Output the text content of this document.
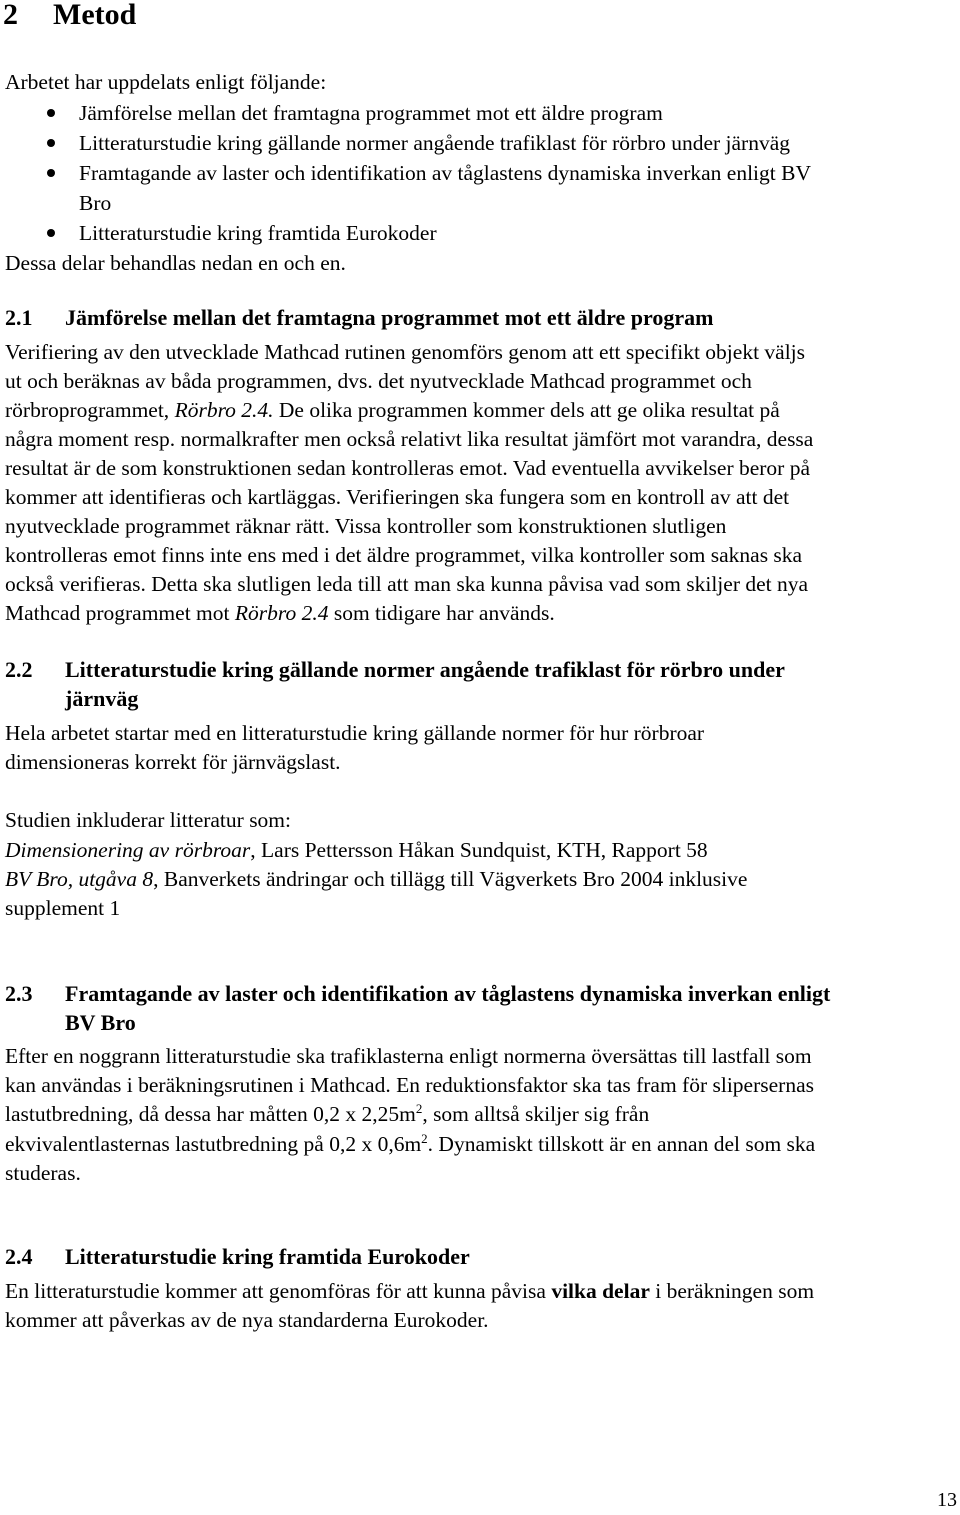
2 Metod
Arbetet har uppdelats enligt följande:
Jämförelse mellan det framtagna programmet mot ett äldre program
Litteraturstudie kring gällande normer angående trafiklast för rörbro under järnväg
Framtagande av laster och identifikation av tåglastens dynamiska inverkan enligt BV
Bro
Litteraturstudie kring framtida Eurokoder
Dessa delar behandlas nedan en och en.
2.1 Jämförelse mellan det framtagna programmet mot ett äldre program
Verifiering av den utvecklade Mathcad rutinen genomförs genom att ett specifikt objekt väljs
ut och beräknas av båda programmen, dvs. det nyutvecklade Mathcad programmet och
rörbroprogrammet, Rörbro 2.4. De olika programmen kommer dels att ge olika resultat på
några moment resp. normalkrafter men också relativt lika resultat jämfört mot varandra, dessa
resultat är de som konstruktionen sedan kontrolleras emot. Vad eventuella avvikelser beror på
kommer att identifieras och kartläggas. Verifieringen ska fungera som en kontroll av att det
nyutvecklade programmet räknar rätt. Vissa kontroller som konstruktionen slutligen
kontrolleras emot finns inte ens med i det äldre programmet, vilka kontroller som saknas ska
också verifieras. Detta ska slutligen leda till att man ska kunna påvisa vad som skiljer det nya
Mathcad programmet mot Rörbro 2.4 som tidigare har används.
2.2 Litteraturstudie kring gällande normer angående trafiklast för rörbro under
järnväg
Hela arbetet startar med en litteraturstudie kring gällande normer för hur rörbroar
dimensioneras korrekt för järnvägslast.
Studien inkluderar litteratur som:
Dimensionering av rörbroar, Lars Pettersson Håkan Sundquist, KTH, Rapport 58
BV Bro, utgåva 8, Banverkets ändringar och tillägg till Vägverkets Bro 2004 inklusive
supplement 1
2.3 Framtagande av laster och identifikation av tåglastens dynamiska inverkan enligt
BV Bro
Efter en noggrann litteraturstudie ska trafiklasterna enligt normerna översättas till lastfall som
kan användas i beräkningsrutinen i Mathcad. En reduktionsfaktor ska tas fram för slipersernas
lastutbredning, då dessa har måtten 0,2 x $2,25m^2$, som alltså skiljer sig från
ekvivalentlasternas lastutbredning på 0,2 x $0,6m^2$. Dynamiskt tillskott är en annan del som ska
studeras.
2.4 Litteraturstudie kring framtida Eurokoder
En litteraturstudie kommer att genomföras för att kunna påvisa vilka delar i beräkningen som
kommer att påverkas av de nya standarderna Eurokoder.
13
